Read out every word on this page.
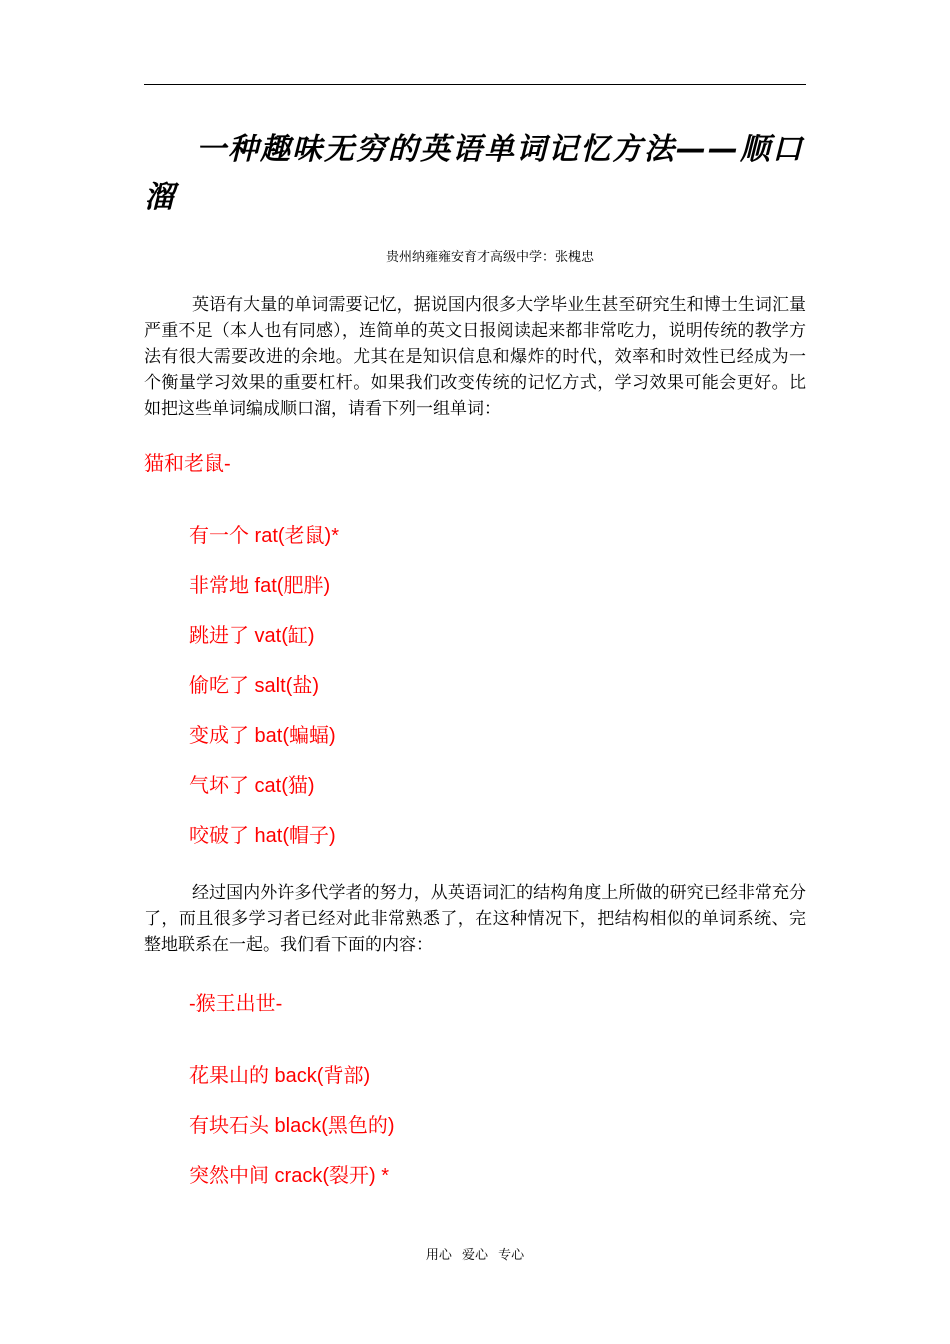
一种趣味无穷的英语单词记忆方法——顺口溜
贵州纳雍雍安育才高级中学：张槐忠

英语有大量的单词需要记忆，据说国内很多大学毕业生甚至研究生和博士生词汇量严重不足（本人也有同感），连简单的英文日报阅读起来都非常吃力，说明传统的教学方法有很大需要改进的余地。尤其在是知识信息和爆炸的时代，效率和时效性已经成为一个衡量学习效果的重要杠杆。如果我们改变传统的记忆方式，学习效果可能会更好。比如把这些单词编成顺口溜，请看下列一组单词：

猫和老鼠-
有一个 rat(老鼠)*
非常地 fat(肥胖)
跳进了 vat(缸)
偷吃了 salt(盐)
变成了 bat(蝙蝠)
气坏了 cat(猫)
咬破了 hat(帽子)

经过国内外许多代学者的努力，从英语词汇的结构角度上所做的研究已经非常充分了，而且很多学习者已经对此非常熟悉了，在这种情况下，把结构相似的单词系统、完整地联系在一起。我们看下面的内容：

-猴王出世-
花果山的 back(背部)
有块石头 black(黑色的)
突然中间 crack(裂开) *
用心 爱心 专心
